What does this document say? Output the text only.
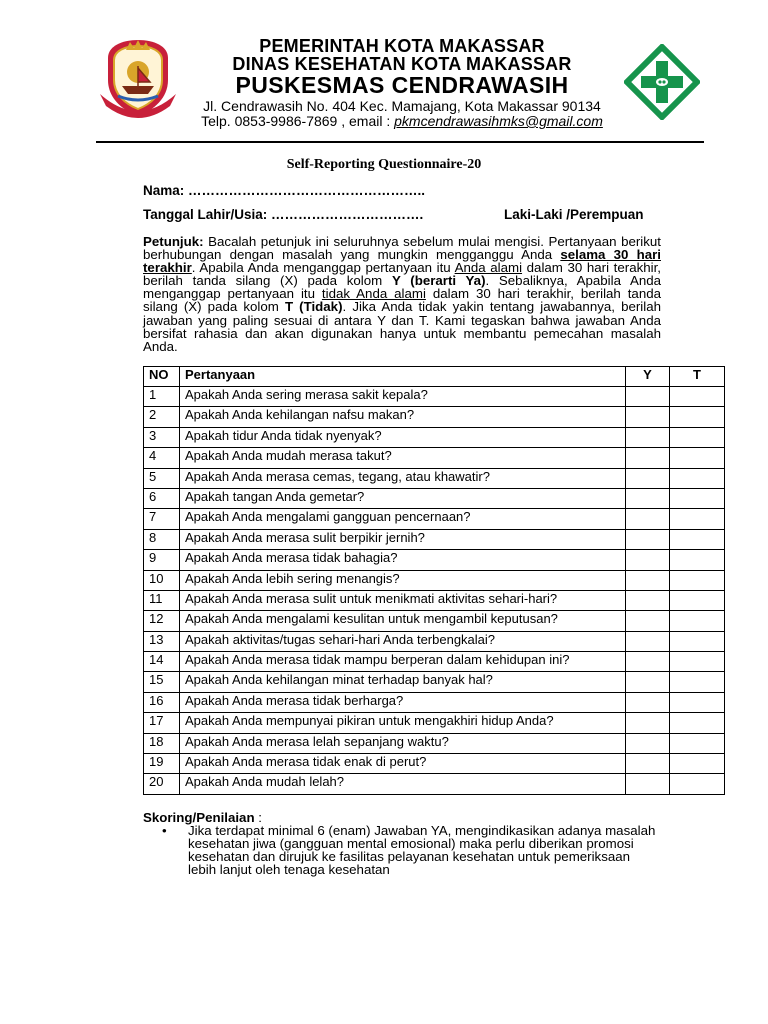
PEMERINTAH KOTA MAKASSAR
DINAS KESEHATAN KOTA MAKASSAR
PUSKESMAS CENDRAWASIH

Jl. Cendrawasih No. 404 Kec. Mamajang, Kota Makassar 90134

Telp. 0853-9986-7869 , email : pkmcendrawasihmks@gmail.com

Self-Reporting Questionnaire-20
Nama: ……………………………………………..
Tanggal Lahir/Usia: …………………………….	Laki-Laki /Perempuan

Petunjuk: Bacalah petunjuk ini seluruhnya sebelum mulai mengisi. Pertanyaan berikut berhubungan dengan masalah yang mungkin mengganggu Anda selama 30 hari terakhir. Apabila Anda menganggap pertanyaan itu Anda alami dalam 30 hari terakhir, berilah tanda silang (X) pada kolom Y (berarti Ya). Sebaliknya, Apabila Anda menganggap pertanyaan itu tidak Anda alami dalam 30 hari terakhir, berilah tanda silang (X) pada kolom T (Tidak). Jika Anda tidak yakin tentang jawabannya, berilah jawaban yang paling sesuai di antara Y dan T. Kami tegaskan bahwa jawaban Anda bersifat rahasia dan akan digunakan hanya untuk membantu pemecahan masalah Anda.

NO	Pertanyaan	Y	T
1	Apakah Anda sering merasa sakit kepala?		
2	Apakah Anda kehilangan nafsu makan?		
3	Apakah tidur Anda tidak nyenyak?		
4	Apakah Anda mudah merasa takut?		
5	Apakah Anda merasa cemas, tegang, atau khawatir?		
6	Apakah tangan Anda gemetar?		
7	Apakah Anda mengalami gangguan pencernaan?		
8	Apakah Anda merasa sulit berpikir jernih?		
9	Apakah Anda merasa tidak bahagia?		
10	Apakah Anda lebih sering menangis?		
11	Apakah Anda merasa sulit untuk menikmati aktivitas sehari-hari?		
12	Apakah Anda mengalami kesulitan untuk mengambil keputusan?		
13	Apakah aktivitas/tugas sehari-hari Anda terbengkalai?		
14	Apakah Anda merasa tidak mampu berperan dalam kehidupan ini?		
15	Apakah Anda kehilangan minat terhadap banyak hal?		
16	Apakah Anda merasa tidak berharga?		
17	Apakah Anda mempunyai pikiran untuk mengakhiri hidup Anda?		
18	Apakah Anda merasa lelah sepanjang waktu?		
19	Apakah Anda merasa tidak enak di perut?		
20	Apakah Anda mudah lelah?		
Skoring/Penilaian :
• Jika terdapat minimal 6 (enam) Jawaban YA, mengindikasikan adanya masalah kesehatan jiwa (gangguan mental emosional) maka perlu diberikan promosi kesehatan dan dirujuk ke fasilitas pelayanan kesehatan untuk pemeriksaan lebih lanjut oleh tenaga kesehatan
